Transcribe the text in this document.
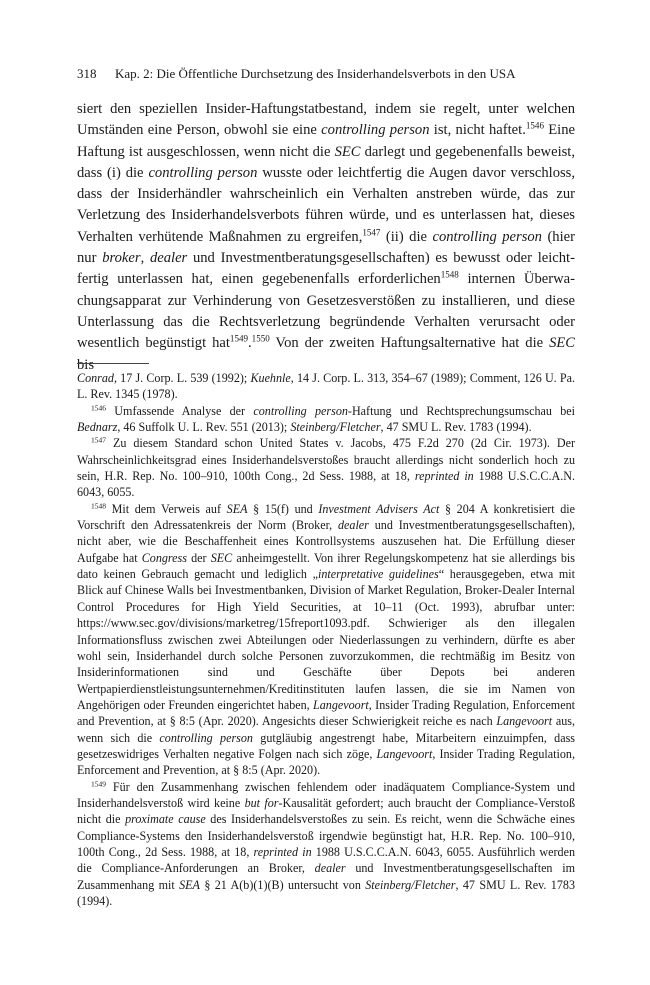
318 Kap. 2: Die Öffentliche Durchsetzung des Insiderhandelsverbots in den USA

siert den speziellen Insider-Haftungstatbestand, indem sie regelt, unter welchen Umständen eine Person, obwohl sie eine controlling person ist, nicht haftet.$^{1546}$ Eine Haftung ist ausgeschlossen, wenn nicht die SEC darlegt und gegebenenfalls beweist, dass (i) die controlling person wusste oder leichtfertig die Augen davor verschloss, dass der Insiderhändler wahrscheinlich ein Verhalten anstreben würde, das zur Verletzung des Insiderhandelsverbots führen würde, und es unterlassen hat, dieses Verhalten verhütende Maßnahmen zu ergreifen,$^{1547}$ (ii) die controlling person (hier nur broker, dealer und Investmentberatungsgesellschaften) es bewusst oder leichtfertig unterlassen hat, einen gegebenenfalls erforderlichen$^{1548}$ internen Überwachungsapparat zur Verhinderung von Gesetzesverstößen zu installieren, und diese Unterlassung das die Rechtsverletzung begründende Verhalten verursacht oder wesentlich begünstigt hat$^{1549}$.$^{1550}$ Von der zweiten Haftungsalternative hat die SEC bis

Conrad, 17 J. Corp. L. 539 (1992); Kuehnle, 14 J. Corp. L. 313, 354–67 (1989); Comment, 126 U. Pa. L. Rev. 1345 (1978).

$^{1546}$ Umfassende Analyse der controlling person-Haftung und Rechtsprechungsumschau bei Bednarz, 46 Suffolk U. L. Rev. 551 (2013); Steinberg/Fletcher, 47 SMU L. Rev. 1783 (1994).

$^{1547}$ Zu diesem Standard schon United States v. Jacobs, 475 F.2d 270 (2d Cir. 1973). Der Wahrscheinlichkeitsgrad eines Insiderhandelsverstoßes braucht allerdings nicht sonderlich hoch zu sein, H.R. Rep. No. 100–910, 100th Cong., 2d Sess. 1988, at 18, reprinted in 1988 U.S.C.C.A.N. 6043, 6055.

$^{1548}$ Mit dem Verweis auf SEA § 15(f) und Investment Advisers Act § 204 A konkretisiert die Vorschrift den Adressatenkreis der Norm (Broker, dealer und Investmentberatungsgesellschaften), nicht aber, wie die Beschaffenheit eines Kontrollsystems auszusehen hat. Die Erfüllung dieser Aufgabe hat Congress der SEC anheimgestellt. Von ihrer Regelungskompetenz hat sie allerdings bis dato keinen Gebrauch gemacht und lediglich „interpretative guidelines“ herausgegeben, etwa mit Blick auf Chinese Walls bei Investmentbanken, Division of Market Regulation, Broker-Dealer Internal Control Procedures for High Yield Securities, at 10–11 (Oct. 1993), abrufbar unter: https://www.sec.gov/divisions/marketreg/15freport1093.pdf. Schwieriger als den illegalen Informationsfluss zwischen zwei Abteilungen oder Niederlassungen zu verhindern, dürfte es aber wohl sein, Insiderhandel durch solche Personen zuvorzukommen, die rechtmäßig im Besitz von Insiderinformationen sind und Geschäfte über Depots bei anderen Wertpapierdienstleistungsunternehmen/Kreditinstituten laufen lassen, die sie im Namen von Angehörigen oder Freunden eingerichtet haben, Langevoort, Insider Trading Regulation, Enforcement and Prevention, at § 8:5 (Apr. 2020). Angesichts dieser Schwierigkeit reiche es nach Langevoort aus, wenn sich die controlling person gutgläubig angestrengt habe, Mitarbeitern einzuimpfen, dass gesetzeswidriges Verhalten negative Folgen nach sich zöge, Langevoort, Insider Trading Regulation, Enforcement and Prevention, at § 8:5 (Apr. 2020).

$^{1549}$ Für den Zusammenhang zwischen fehlendem oder inadäquatem Compliance-System und Insiderhandelsverstoß wird keine but for-Kausalität gefordert; auch braucht der Compliance-Verstoß nicht die proximate cause des Insiderhandelsverstoßes zu sein. Es reicht, wenn die Schwäche eines Compliance-Systems den Insiderhandelsverstoß irgendwie begünstigt hat, H.R. Rep. No. 100–910, 100th Cong., 2d Sess. 1988, at 18, reprinted in 1988 U.S.C.C.A.N. 6043, 6055. Ausführlich werden die Compliance-Anforderungen an Broker, dealer und Investmentberatungsgesellschaften im Zusammenhang mit SEA § 21 A(b)(1)(B) untersucht von Steinberg/Fletcher, 47 SMU L. Rev. 1783 (1994).
